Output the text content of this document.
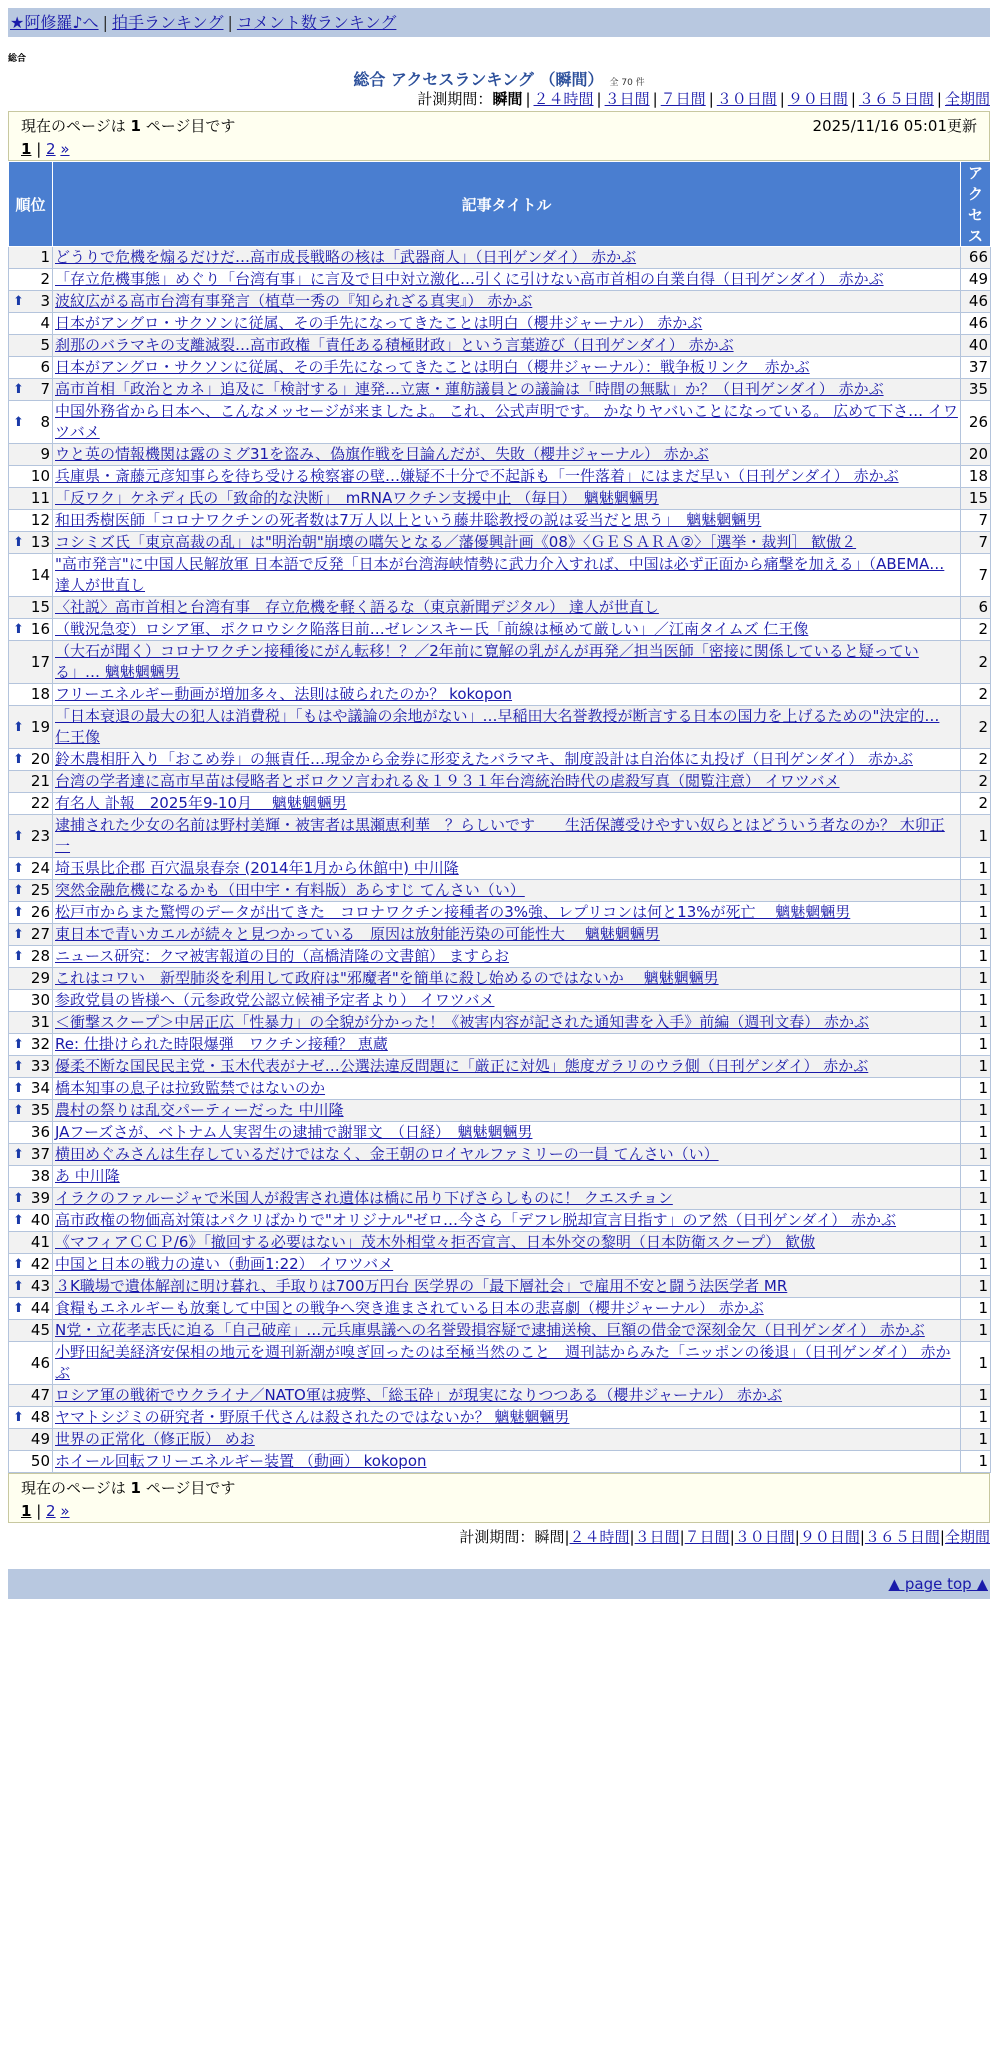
★阿修羅♪へ | 拍手ランキング | コメント数ランキング
総合
総合 アクセスランキング （瞬間） 全 70 件
計測期間：瞬間 | ２４時間 | ３日間 | ７日間 | ３０日間 | ９０日間 | ３６５日間 | 全期間
現在のページは 1 ページ目です	2025/11/16 05:01更新
1 | 2 »
順位	記事タイトル	アクセス
1	どうりで危機を煽るだけだ…高市成長戦略の核は「武器商人」（日刊ゲンダイ） 赤かぶ	66
2	「存立危機事態」めぐり「台湾有事」に言及で日中対立激化…引くに引けない高市首相の自業自得（日刊ゲンダイ） 赤かぶ	49

⬆ 3	波紋広がる高市台湾有事発言（植草一秀の『知られざる真実』） 赤かぶ	46
4	日本がアングロ・サクソンに従属、その手先になってきたことは明白（櫻井ジャーナル） 赤かぶ	46
5	刹那のバラマキの支離滅裂…高市政権「責任ある積極財政」という言葉遊び（日刊ゲンダイ） 赤かぶ	40
6	日本がアングロ・サクソンに従属、その手先になってきたことは明白（櫻井ジャーナル）：戦争板リンク　赤かぶ	37

⬆ 7	高市首相「政治とカネ」追及に「検討する」連発…立憲・蓮舫議員との議論は「時間の無駄」か？（日刊ゲンダイ） 赤かぶ	35

⬆ 8	中国外務省から日本へ、こんなメッセージが来ましたよ。 これ、公式声明です。 かなりヤバいことになっている。 広めて下さ… イワツバメ	26
9	ウと英の情報機関は露のミグ31を盗み、偽旗作戦を目論んだが、失敗（櫻井ジャーナル） 赤かぶ	20
10	兵庫県・斎藤元彦知事らを待ち受ける検察審の壁…嫌疑不十分で不起訴も「一件落着」にはまだ早い（日刊ゲンダイ） 赤かぶ	18
11	「反ワク」ケネディ氏の「致命的な決断」　mRNAワクチン支援中止 （毎日）　魑魅魍魎男	15
12	和田秀樹医師「コロナワクチンの死者数は7万人以上という藤井聡教授の説は妥当だと思う」　魑魅魍魎男	7

⬆ 13	コシミズ氏「東京高裁の乱」は"明治朝"崩壊の嚆矢となる／藩優興計画《08》〈ＧＥＳＡＲＡ②〉［選挙・裁判］ 歓傲２	7
14	"高市発言"に中国人民解放軍 日本語で反発「日本が台湾海峡情勢に武力介入すれば、中国は必ず正面から痛撃を加える」（ABEMA… 達人が世直し	7
15	〈社説〉高市首相と台湾有事　存立危機を軽く語るな（東京新聞デジタル） 達人が世直し	6

⬆ 16	（戦況急変）ロシア軍、ポクロウシク陥落目前…ゼレンスキー氏「前線は極めて厳しい」／江南タイムズ 仁王像	2
17	（大石が聞く）コロナワクチン接種後にがん転移！？／2年前に寛解の乳がんが再発／担当医師「密接に関係していると疑っている」… 魑魅魍魎男	2
18	フリーエネルギー動画が増加多々、法則は破られたのか？ kokopon	2

⬆ 19	「日本衰退の最大の犯人は消費税」「もはや議論の余地がない」…早稲田大名誉教授が断言する日本の国力を上げるための"決定的… 仁王像	2

⬆ 20	鈴木農相肝入り「おこめ券」の無責任…現金から金券に形変えたバラマキ、制度設計は自治体に丸投げ（日刊ゲンダイ） 赤かぶ	2
21	台湾の学者達に高市早苗は侵略者とボロクソ言われる＆１９３１年台湾統治時代の虐殺写真（閲覧注意） イワツバメ	2
22	有名人 訃報　2025年9-10月　 魑魅魍魎男	2

⬆ 23	逮捕された少女の名前は野村美輝・被害者は黒瀬恵利華　？らしいです　　生活保護受けやすい奴らとはどういう者なのか？ 木卯正一	1

⬆ 24	埼玉県比企郡 百穴温泉春奈 (2014年1月から休館中) 中川隆	1

⬆ 25	突然金融危機になるかも（田中宇・有料版）あらすじ てんさい（い）	1

⬆ 26	松戸市からまた驚愕のデータが出てきた　コロナワクチン接種者の3%強、レプリコンは何と13%が死亡　 魑魅魍魎男	1

⬆ 27	東日本で青いカエルが続々と見つかっている　原因は放射能汚染の可能性大　 魑魅魍魎男	1

⬆ 28	ニュース研究：クマ被害報道の目的（高橋清隆の文書館） ますらお	1
29	これはコワい　新型肺炎を利用して政府は"邪魔者"を簡単に殺し始めるのではないか　 魑魅魍魎男	1
30	参政党員の皆様へ（元参政党公認立候補予定者より） イワツバメ	1
31	＜衝撃スクープ＞中居正広「性暴力」の全貌が分かった！《被害内容が記された通知書を入手》前編（週刊文春） 赤かぶ	1

⬆ 32	Re: 仕掛けられた時限爆弾　ワクチン接種？ 恵蔵	1

⬆ 33	優柔不断な国民民主党・玉木代表がナゼ…公選法違反問題に「厳正に対処」態度ガラリのウラ側（日刊ゲンダイ） 赤かぶ	1

⬆ 34	橋本知事の息子は拉致監禁ではないのか	1

⬆ 35	農村の祭りは乱交パーティーだった 中川隆	1
36	JAフーズさが、ベトナム人実習生の逮捕で謝罪文　（日経）　魑魅魍魎男	1

⬆ 37	横田めぐみさんは生存しているだけではなく、金王朝のロイヤルファミリーの一員 てんさい（い）	1
38	あ 中川隆	1

⬆ 39	イラクのファルージャで米国人が殺害され遺体は橋に吊り下げさらしものに！ クエスチョン	1

⬆ 40	高市政権の物価高対策はパクリばかりで"オリジナル"ゼロ…今さら「デフレ脱却宣言目指す」のア然（日刊ゲンダイ） 赤かぶ	1
41	《マフィアＣＣＰ/6》「撤回する必要はない」茂木外相堂々拒否宣言、日本外交の黎明（日本防衛スクープ） 歓傲	1

⬆ 42	中国と日本の戦力の違い（動画1:22） イワツバメ	1

⬆ 43	３K職場で遺体解剖に明け暮れ、手取りは700万円台 医学界の「最下層社会」で雇用不安と闘う法医学者 MR	1

⬆ 44	食糧もエネルギーも放棄して中国との戦争へ突き進まされている日本の悲喜劇（櫻井ジャーナル） 赤かぶ	1
45	N党・立花孝志氏に迫る「自己破産」…元兵庫県議への名誉毀損容疑で逮捕送検、巨額の借金で深刻金欠（日刊ゲンダイ） 赤かぶ	1
46	小野田紀美経済安保相の地元を週刊新潮が嗅ぎ回ったのは至極当然のこと　週刊誌からみた「ニッポンの後退」（日刊ゲンダイ） 赤かぶ	1
47	ロシア軍の戦術でウクライナ／NATO軍は疲弊、「総玉砕」が現実になりつつある（櫻井ジャーナル） 赤かぶ	1

⬆ 48	ヤマトシジミの研究者・野原千代さんは殺されたのではないか？ 魑魅魍魎男	1
49	世界の正常化（修正版） めお	1
50	ホイール回転フリーエネルギー装置 （動画） kokopon	1
現在のページは 1 ページ目です
1 | 2 »
計測期間：瞬間|２４時間|３日間|７日間|３０日間|９０日間|３６５日間|全期間
▲ page top ▲
